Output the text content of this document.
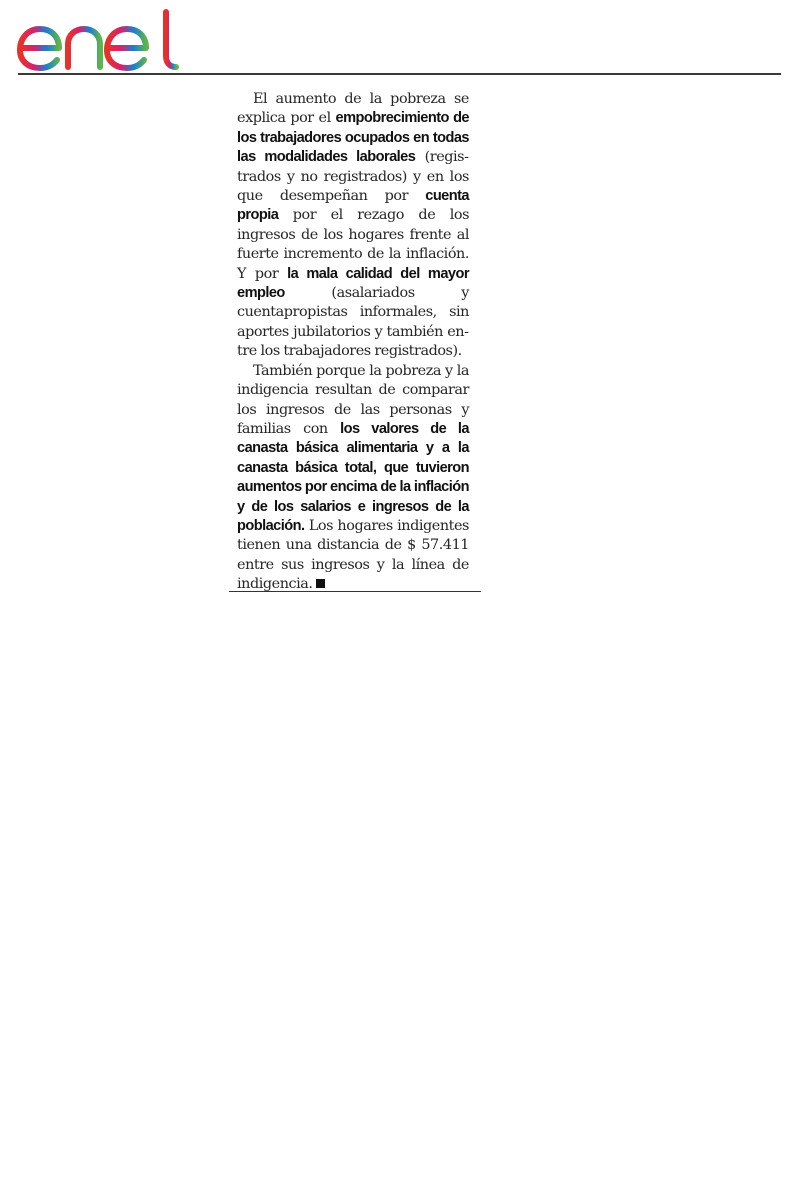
El aumento de la pobreza se explica por el empobrecimiento de los trabajadores ocupados en todas las modalidades laborales (registrados y no registrados) y en los que desempeñan por cuenta propia por el rezago de los ingresos de los hogares frente al fuerte incremento de la inflación. Y por la mala calidad del mayor empleo (asalariados y cuentapropistas informales, sin aportes jubilatorios y también entre los trabajadores registrados).

También porque la pobreza y la indigencia resultan de comparar los ingresos de las personas y familias con los valores de la canasta básica alimentaria y a la canasta básica total, que tuvieron aumentos por encima de la inflación y de los salarios e ingresos de la población. Los hogares indigentes tienen una distancia de $ 57.411 entre sus ingresos y la línea de indigencia.
